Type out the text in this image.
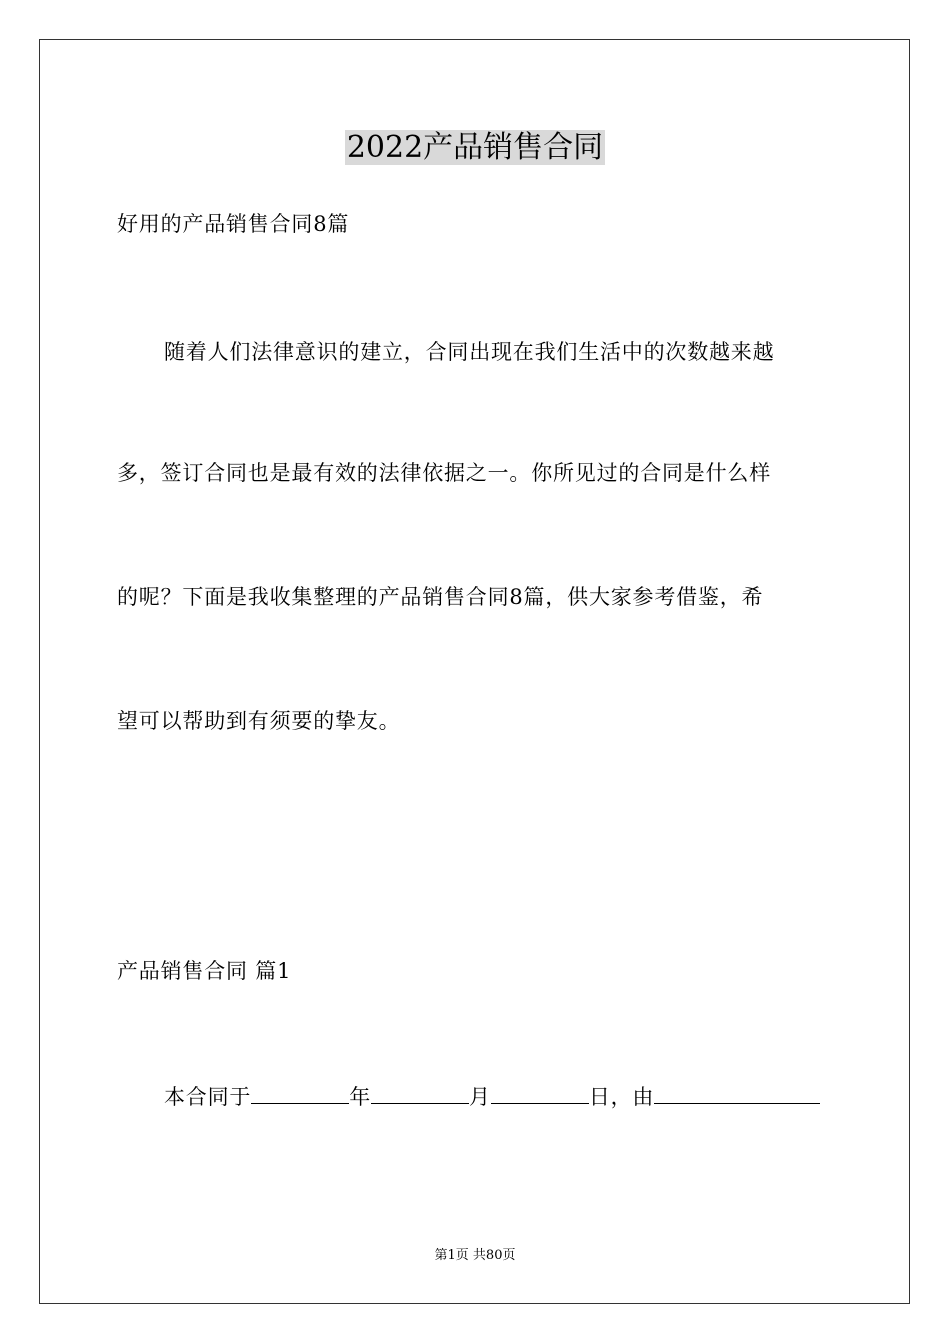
2022产品销售合同
好用的产品销售合同8篇
随着人们法律意识的建立，合同出现在我们生活中的次数越来越
多，签订合同也是最有效的法律依据之一。你所见过的合同是什么样
的呢？下面是我收集整理的产品销售合同8篇，供大家参考借鉴，希
望可以帮助到有须要的挚友。
产品销售合同 篇1
本合同于	年	月	日，由
第1页 共80页
